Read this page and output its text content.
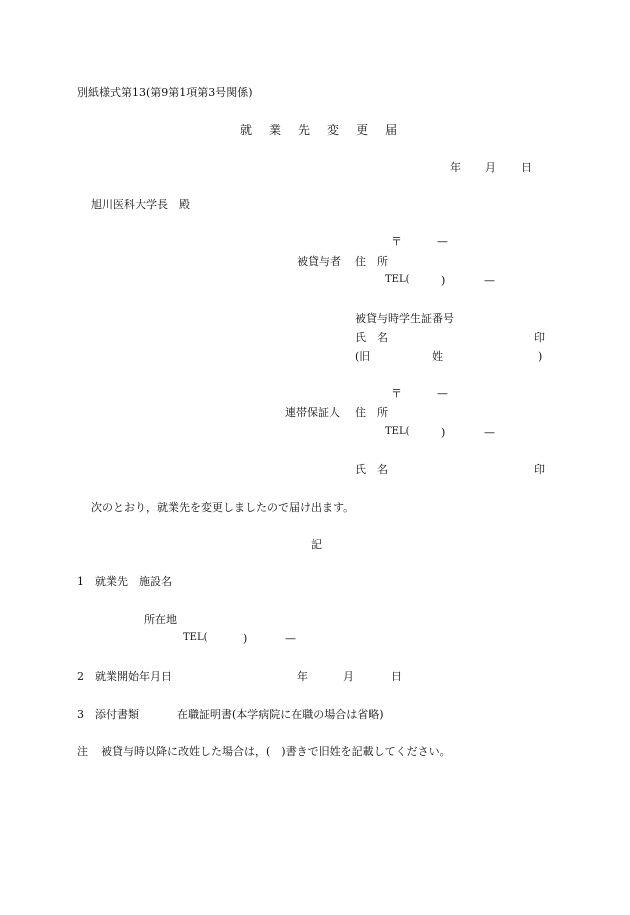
別紙様式第13(第9第1項第3号関係)
就 業 先 変 更 届
年 月 日
旭川医科大学長　殿
〒	—
被貸与者 住　所
TEL(	)	—
被貸与時学生証番号
氏　名	印
(旧	姓	)
〒	—
連帯保証人 住　所
TEL(	)	—
氏　名	印
次のとおり，就業先を変更しましたので届け出ます。
記
1 就業先　施設名
所在地
TEL(	)	—
2 就業開始年月日	年	月	日
3 添付書類	在職証明書(本学病院に在職の場合は省略)
注 被貸与時以降に改姓した場合は，(　)書きで旧姓を記載してください。
